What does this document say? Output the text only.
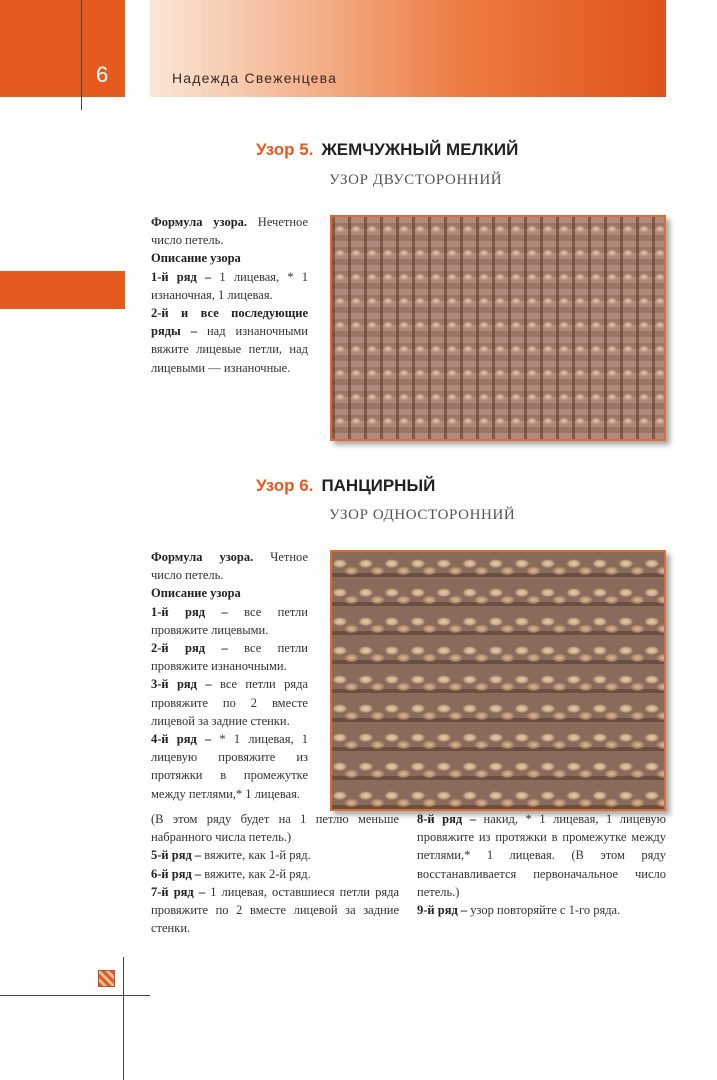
6	Надежда Свеженцева
Узор 5. ЖЕМЧУЖНЫЙ МЕЛКИЙ
УЗОР ДВУСТОРОННИЙ

Формула узора. Нечетное число петель.

Описание узора

1-й ряд – 1 лицевая, * 1 изнаночная, 1 лицевая.

2-й и все последующие ряды – над изнаночными вяжите лицевые петли, над лицевыми — изнаночные.

Узор 6. ПАНЦИРНЫЙ
УЗОР ОДНОСТОРОННИЙ

Формула узора. Четное число петель.

Описание узора

1-й ряд – все петли провяжите лицевыми.

2-й ряд – все петли провяжите изнаночными.

3-й ряд – все петли ряда провяжите по 2 вместе лицевой за задние стенки.

4-й ряд – * 1 лицевая, 1 лицевую провяжите из протяжки в промежутке между петлями,* 1 лицевая.

(В этом ряду будет на 1 петлю меньше набранного числа петель.)

5-й ряд – вяжите, как 1-й ряд.

6-й ряд – вяжите, как 2-й ряд.

7-й ряд – 1 лицевая, оставшиеся петли ряда провяжите по 2 вместе лицевой за задние стенки.

8-й ряд – накид, * 1 лицевая, 1 лицевую провяжите из протяжки в промежутке между петлями,* 1 лицевая. (В этом ряду восстанавливается первоначальное число петель.)

9-й ряд – узор повторяйте с 1-го ряда.
